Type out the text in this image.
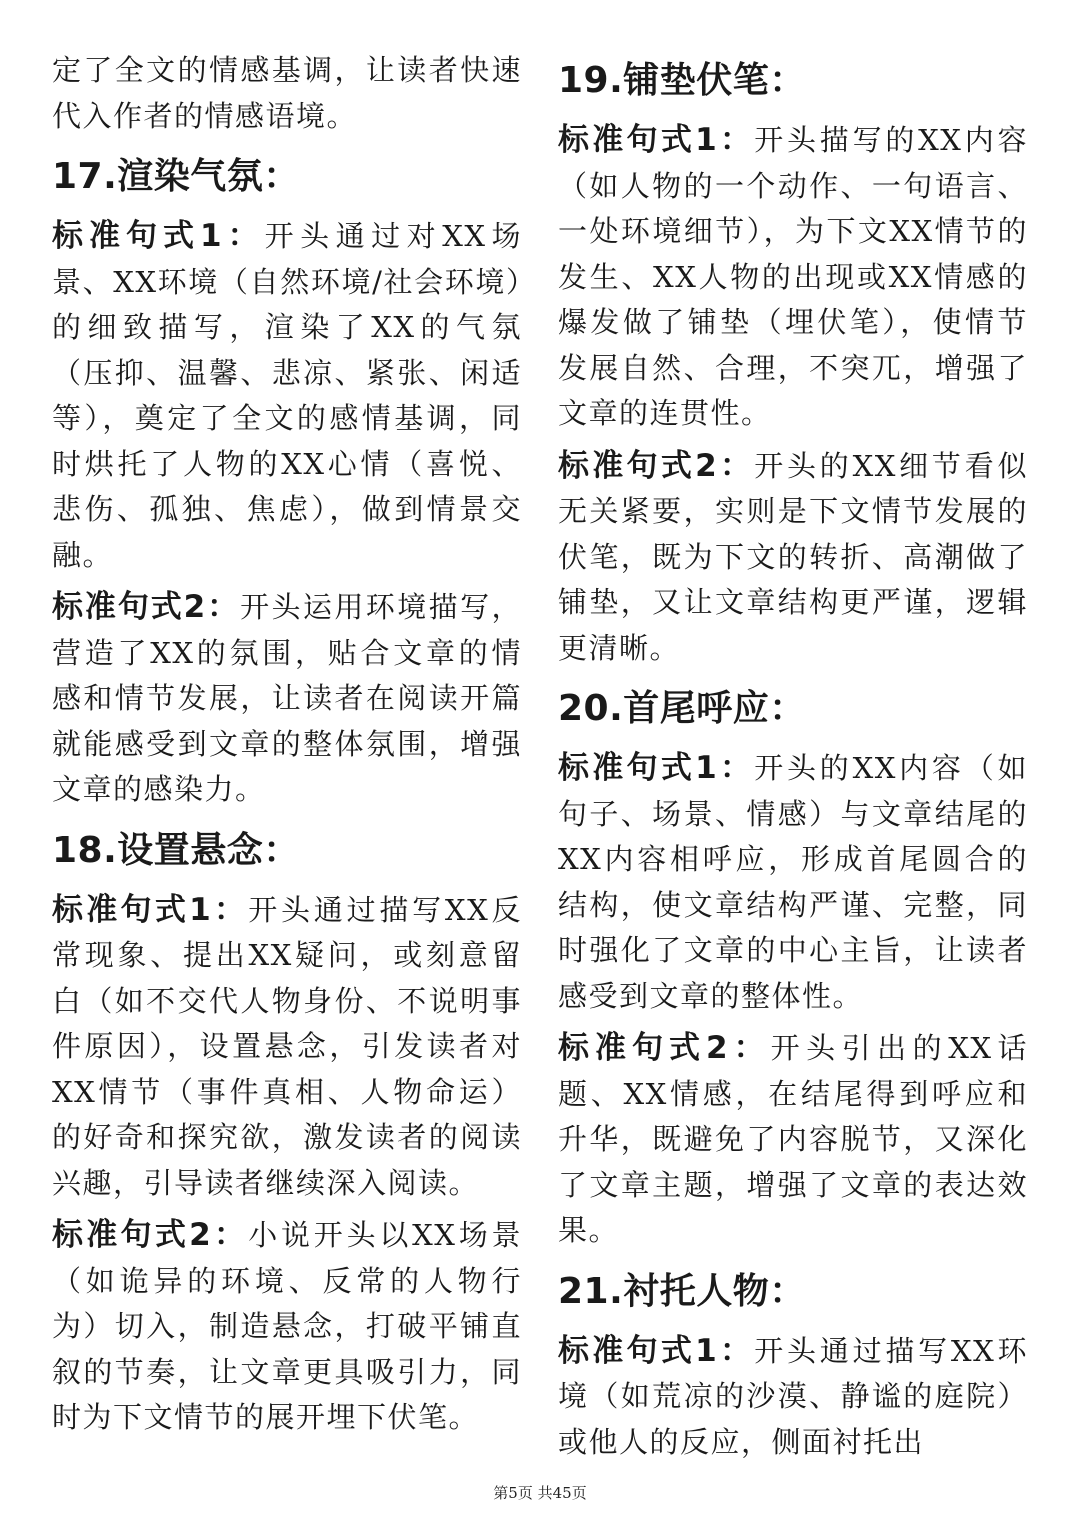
定了全文的情感基调，让读者快速代入作者的情感语境。

17.渲染气氛：

标准句式1：开头通过对XX场景、XX环境（自然环境/社会环境）的细致描写，渲染了XX的气氛（压抑、温馨、悲凉、紧张、闲适等），奠定了全文的感情基调，同时烘托了人物的XX心情（喜悦、悲伤、孤独、焦虑），做到情景交融。

标准句式2：开头运用环境描写，营造了XX的氛围，贴合文章的情感和情节发展，让读者在阅读开篇就能感受到文章的整体氛围，增强文章的感染力。

18.设置悬念：

标准句式1：开头通过描写XX反常现象、提出XX疑问，或刻意留白（如不交代人物身份、不说明事件原因），设置悬念，引发读者对XX情节（事件真相、人物命运）的好奇和探究欲，激发读者的阅读兴趣，引导读者继续深入阅读。

标准句式2：小说开头以XX场景（如诡异的环境、反常的人物行为）切入，制造悬念，打破平铺直叙的节奏，让文章更具吸引力，同时为下文情节的展开埋下伏笔。

19.铺垫伏笔：

标准句式1：开头描写的XX内容（如人物的一个动作、一句语言、一处环境细节），为下文XX情节的发生、XX人物的出现或XX情感的爆发做了铺垫（埋伏笔），使情节发展自然、合理，不突兀，增强了文章的连贯性。

标准句式2：开头的XX细节看似无关紧要，实则是下文情节发展的伏笔，既为下文的转折、高潮做了铺垫，又让文章结构更严谨，逻辑更清晰。

20.首尾呼应：

标准句式1：开头的XX内容（如句子、场景、情感）与文章结尾的XX内容相呼应，形成首尾圆合的结构，使文章结构严谨、完整，同时强化了文章的中心主旨，让读者感受到文章的整体性。

标准句式2：开头引出的XX话题、XX情感，在结尾得到呼应和升华，既避免了内容脱节，又深化了文章主题，增强了文章的表达效果。

21.衬托人物：

标准句式1：开头通过描写XX环境（如荒凉的沙漠、静谧的庭院）或他人的反应，侧面衬托出

第5页 共45页
